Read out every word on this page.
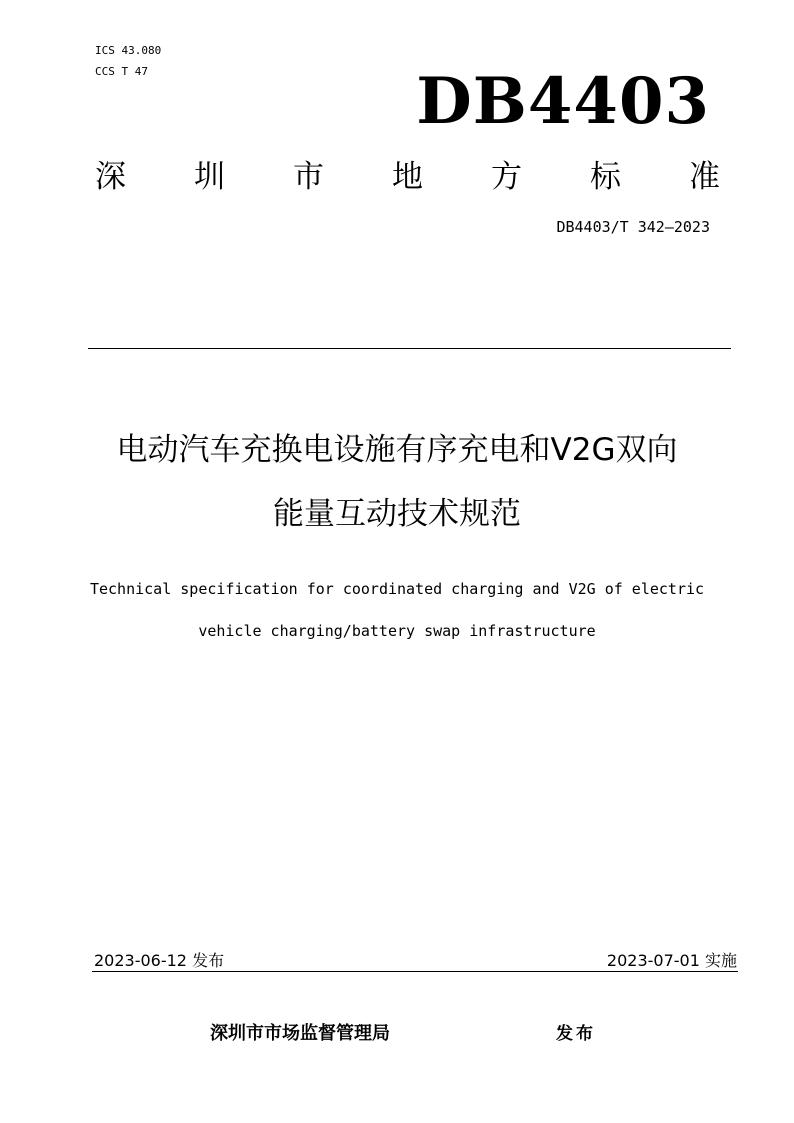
ICS 43.080
CCS T 47	DB4403
深 圳 市 地 方 标 准
DB4403/T 342—2023
电动汽车充换电设施有序充电和V2G双向
能量互动技术规范
Technical specification for coordinated charging and V2G of electric
vehicle charging/battery swap infrastructure
2023-06-12 发布	2023-07-01 实施
深圳市市场监督管理局	发布
